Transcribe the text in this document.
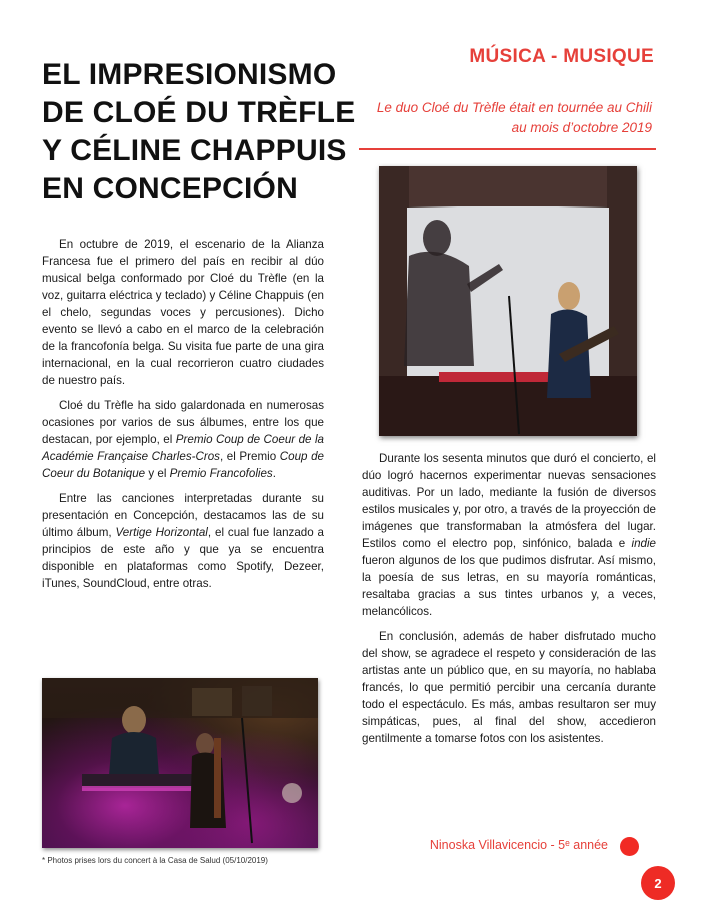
EL IMPRESIONISMO
DE CLOÉ DU TRÈFLE
Y CÉLINE CHAPPUIS
EN CONCEPCIÓN

En octubre de 2019, el escenario de la Alianza Francesa fue el primero del país en recibir al dúo musical belga conformado por Cloé du Trèfle (en la voz, guitarra eléctrica y teclado) y Céline Chappuis (en el chelo, segundas voces y percusiones). Dicho evento se llevó a cabo en el marco de la celebración de la francofonía belga. Su visita fue parte de una gira internacional, en la cual recorrieron cuatro ciudades de nuestro país.

Cloé du Trèfle ha sido galardonada en numerosas ocasiones por varios de sus álbumes, entre los que destacan, por ejemplo, el Premio Coup de Coeur de la Académie Française Charles-Cros, el Premio Coup de Coeur du Botanique y el Premio Francofolies.

Entre las canciones interpretadas durante su presentación en Concepción, destacamos las de su último álbum, Vertige Horizontal, el cual fue lanzado a principios de este año y que ya se encuentra disponible en plataformas como Spotify, Dezeer, iTunes, SoundCloud, entre otras.

* Photos prises lors du concert à la Casa de Salud (05/10/2019)
MÚSICA - MUSIQUE
Le duo Cloé du Trèfle était en tournée au Chili au mois d’octobre 2019

Durante los sesenta minutos que duró el concierto, el dúo logró hacernos experimentar nuevas sensaciones auditivas. Por un lado, mediante la fusión de diversos estilos musicales y, por otro, a través de la proyección de imágenes que transformaban la atmósfera del lugar. Estilos como el electro pop, sinfónico, balada e indie fueron algunos de los que pudimos disfrutar. Así mismo, la poesía de sus letras, en su mayoría románticas, resaltaba gracias a sus tintes urbanos y, a veces, melancólicos.

En conclusión, además de haber disfrutado mucho del show, se agradece el respeto y consideración de las artistas ante un público que, en su mayoría, no hablaba francés, lo que permitió percibir una cercanía durante todo el espectáculo. Es más, ambas resultaron ser muy simpáticas, pues, al final del show, accedieron gentilmente a tomarse fotos con los asistentes.

Ninoska Villavicencio - 5ᵉ année
2
